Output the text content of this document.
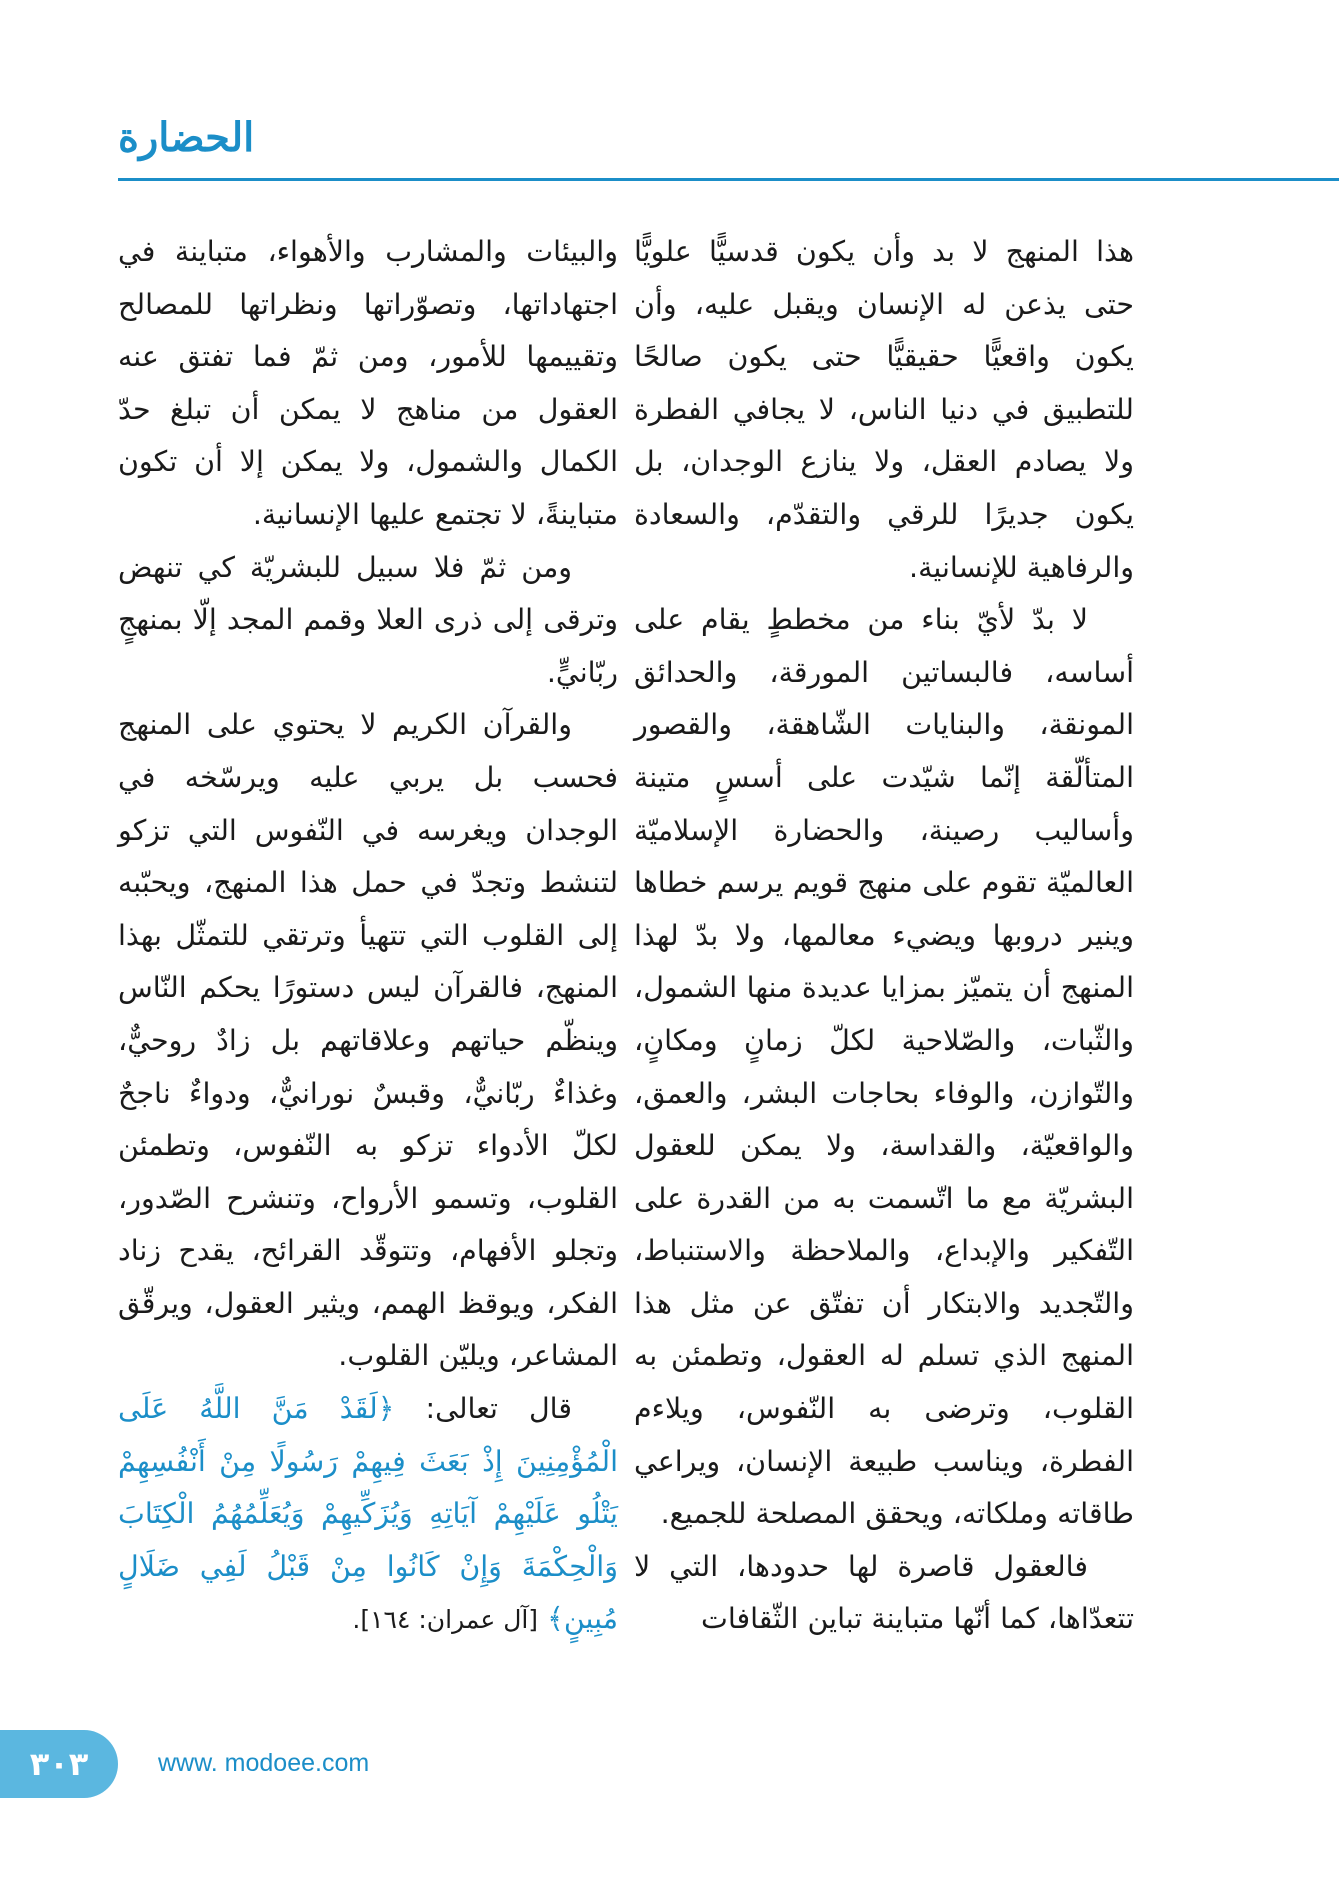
الحضارة

هذا المنهج لا بد وأن يكون قدسيًّا علويًّا حتى يذعن له الإنسان ويقبل عليه، وأن يكون واقعيًّا حقيقيًّا حتى يكون صالحًا للتطبيق في دنيا الناس، لا يجافي الفطرة ولا يصادم العقل، ولا ينازع الوجدان، بل يكون جديرًا للرقي والتقدّم، والسعادة والرفاهية للإنسانية.

لا بدّ لأيّ بناء من مخططٍ يقام على أساسه، فالبساتين المورقة، والحدائق المونقة، والبنايات الشّاهقة، والقصور المتألّقة إنّما شيّدت على أسسٍ متينة وأساليب رصينة، والحضارة الإسلاميّة العالميّة تقوم على منهج قويم يرسم خطاها وينير دروبها ويضيء معالمها، ولا بدّ لهذا المنهج أن يتميّز بمزايا عديدة منها الشمول، والثّبات، والصّلاحية لكلّ زمانٍ ومكانٍ، والتّوازن، والوفاء بحاجات البشر، والعمق، والواقعيّة، والقداسة، ولا يمكن للعقول البشريّة مع ما اتّسمت به من القدرة على التّفكير والإبداع، والملاحظة والاستنباط، والتّجديد والابتكار أن تفتّق عن مثل هذا المنهج الذي تسلم له العقول، وتطمئن به القلوب، وترضى به النّفوس، ويلاءم الفطرة، ويناسب طبيعة الإنسان، ويراعي طاقاته وملكاته، ويحقق المصلحة للجميع.

فالعقول قاصرة لها حدودها، التي لا تتعدّاها، كما أنّها متباينة تباين الثّقافات

والبيئات والمشارب والأهواء، متباينة في اجتهاداتها، وتصوّراتها ونظراتها للمصالح وتقييمها للأمور، ومن ثمّ فما تفتق عنه العقول من مناهج لا يمكن أن تبلغ حدّ الكمال والشمول، ولا يمكن إلا أن تكون متباينةً، لا تجتمع عليها الإنسانية.

ومن ثمّ فلا سبيل للبشريّة كي تنهض وترقى إلى ذرى العلا وقمم المجد إلّا بمنهجٍ ربّانيٍّ.

والقرآن الكريم لا يحتوي على المنهج فحسب بل يربي عليه ويرسّخه في الوجدان ويغرسه في النّفوس التي تزكو لتنشط وتجدّ في حمل هذا المنهج، ويحبّبه إلى القلوب التي تتهيأ وترتقي للتمثّل بهذا المنهج، فالقرآن ليس دستورًا يحكم النّاس وينظّم حياتهم وعلاقاتهم بل زادٌ روحيٌّ، وغذاءٌ ربّانيٌّ، وقبسٌ نورانيٌّ، ودواءٌ ناجحٌ لكلّ الأدواء تزكو به النّفوس، وتطمئن القلوب، وتسمو الأرواح، وتنشرح الصّدور، وتجلو الأفهام، وتتوقّد القرائح، يقدح زناد الفكر، ويوقظ الهمم، ويثير العقول، ويرقّق المشاعر، ويليّن القلوب.

قال تعالى: ﴿لَقَدْ مَنَّ اللَّهُ عَلَى الْمُؤْمِنِينَ إِذْ بَعَثَ فِيهِمْ رَسُولًا مِنْ أَنْفُسِهِمْ يَتْلُو عَلَيْهِمْ آيَاتِهِ وَيُزَكِّيهِمْ وَيُعَلِّمُهُمُ الْكِتَابَ وَالْحِكْمَةَ وَإِنْ كَانُوا مِنْ قَبْلُ لَفِي ضَلَالٍ مُبِينٍ﴾ [آل عمران: ١٦٤].

٣٠٣	www. modoee.com
